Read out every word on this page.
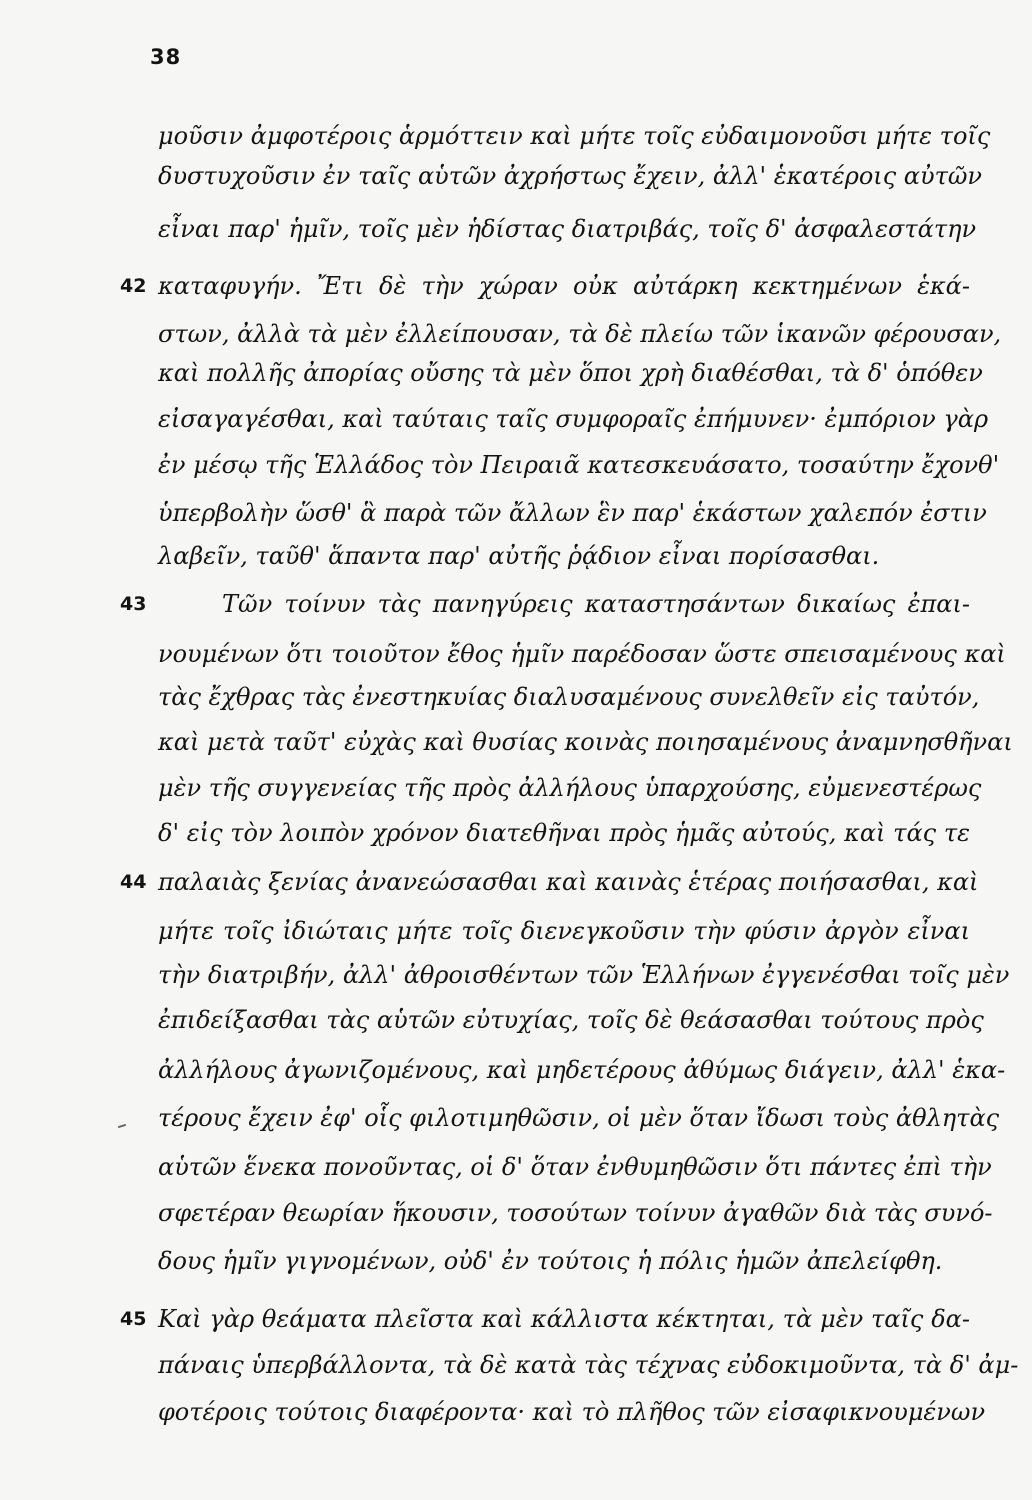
38
42
43
44
45
μοῦσιν ἀμφοτέροις ἁρμόττειν καὶ μήτε τοῖς εὐδαιμονοῦσι μήτε τοῖς
δυστυχοῦσιν ἐν ταῖς αὑτῶν ἀχρήστως ἔχειν, ἀλλ' ἑκατέροις αὐτῶν
εἶναι παρ' ἡμῖν, τοῖς μὲν ἡδίστας διατριβάς, τοῖς δ' ἀσφαλεστάτην
καταφυγήν. Ἔτι δὲ τὴν χώραν οὐκ αὐτάρκη κεκτημένων ἑκά-
στων, ἀλλὰ τὰ μὲν ἐλλείπουσαν, τὰ δὲ πλείω τῶν ἱκανῶν φέρουσαν,
καὶ πολλῆς ἀπορίας οὔσης τὰ μὲν ὅποι χρὴ διαθέσθαι, τὰ δ' ὁπόθεν
εἰσαγαγέσθαι, καὶ ταύταις ταῖς συμφοραῖς ἐπήμυνεν· ἐμπόριον γὰρ
ἐν μέσῳ τῆς Ἑλλάδος τὸν Πειραιᾶ κατεσκευάσατο, τοσαύτην ἔχονθ'
ὑπερβολὴν ὥσθ' ἃ παρὰ τῶν ἄλλων ἓν παρ' ἑκάστων χαλεπόν ἐστιν
λαβεῖν, ταῦθ' ἅπαντα παρ' αὐτῆς ῥᾴδιον εἶναι πορίσασθαι.
Τῶν τοίνυν τὰς πανηγύρεις καταστησάντων δικαίως ἐπαι-
νουμένων ὅτι τοιοῦτον ἔθος ἡμῖν παρέδοσαν ὥστε σπεισαμένους καὶ
τὰς ἔχθρας τὰς ἐνεστηκυίας διαλυσαμένους συνελθεῖν εἰς ταὐτόν,
καὶ μετὰ ταῦτ' εὐχὰς καὶ θυσίας κοινὰς ποιησαμένους ἀναμνησθῆναι
μὲν τῆς συγγενείας τῆς πρὸς ἀλλήλους ὑπαρχούσης, εὐμενεστέρως
δ' εἰς τὸν λοιπὸν χρόνον διατεθῆναι πρὸς ἡμᾶς αὐτούς, καὶ τάς τε
παλαιὰς ξενίας ἀνανεώσασθαι καὶ καινὰς ἑτέρας ποιήσασθαι, καὶ
μήτε τοῖς ἰδιώταις μήτε τοῖς διενεγκοῦσιν τὴν φύσιν ἀργὸν εἶναι
τὴν διατριβήν, ἀλλ' ἀθροισθέντων τῶν Ἑλλήνων ἐγγενέσθαι τοῖς μὲν
ἐπιδείξασθαι τὰς αὑτῶν εὐτυχίας, τοῖς δὲ θεάσασθαι τούτους πρὸς
ἀλλήλους ἀγωνιζομένους, καὶ μηδετέρους ἀθύμως διάγειν, ἀλλ' ἑκα-
τέρους ἔχειν ἐφ' οἷς φιλοτιμηθῶσιν, οἱ μὲν ὅταν ἴδωσι τοὺς ἀθλητὰς
αὑτῶν ἕνεκα πονοῦντας, οἱ δ' ὅταν ἐνθυμηθῶσιν ὅτι πάντες ἐπὶ τὴν
σφετέραν θεωρίαν ἥκουσιν, τοσούτων τοίνυν ἀγαθῶν διὰ τὰς συνό-
δους ἡμῖν γιγνομένων, οὐδ' ἐν τούτοις ἡ πόλις ἡμῶν ἀπελείφθη.
Καὶ γὰρ θεάματα πλεῖστα καὶ κάλλιστα κέκτηται, τὰ μὲν ταῖς δα-
πάναις ὑπερβάλλοντα, τὰ δὲ κατὰ τὰς τέχνας εὐδοκιμοῦντα, τὰ δ' ἀμ-
φοτέροις τούτοις διαφέροντα· καὶ τὸ πλῆθος τῶν εἰσαφικνουμένων
